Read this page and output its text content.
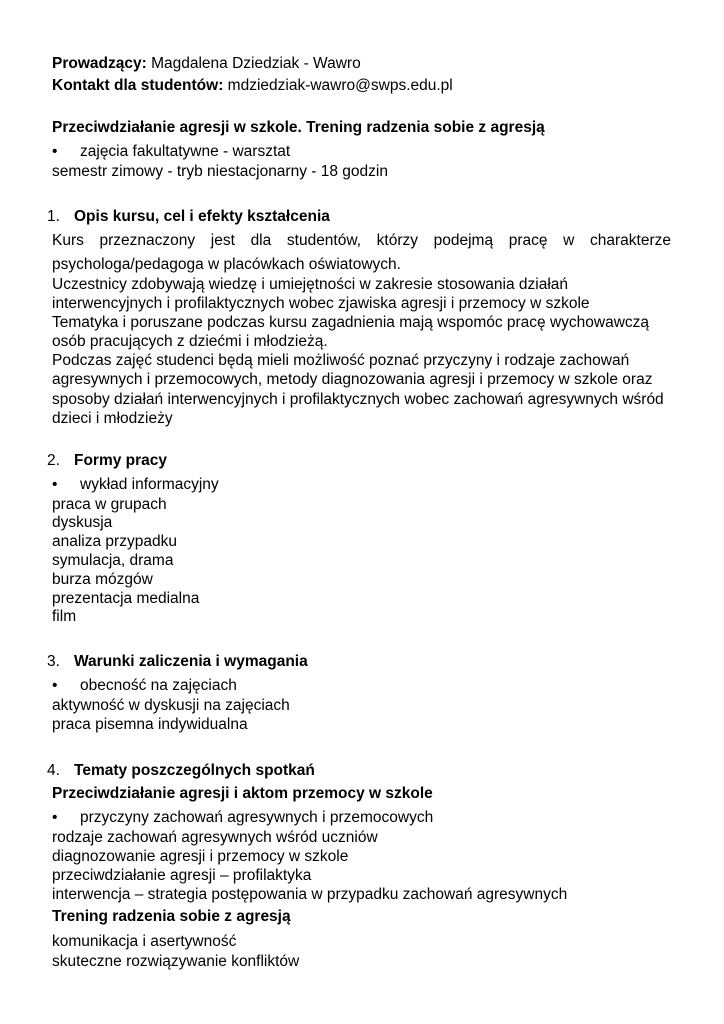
Prowadzący: Magdalena Dziedziak - Wawro
Kontakt dla studentów: mdziedziak-wawro@swps.edu.pl
Przeciwdziałanie agresji w szkole. Trening radzenia sobie z agresją
• zajęcia fakultatywne - warsztat
semestr zimowy - tryb niestacjonarny - 18 godzin
1. Opis kursu, cel i efekty kształcenia
Kurs przeznaczony jest dla studentów, którzy podejmą pracę w charakterze
psychologa/pedagoga w placówkach oświatowych.
Uczestnicy zdobywają wiedzę i umiejętności w zakresie stosowania działań
interwencyjnych i profilaktycznych wobec zjawiska agresji i przemocy w szkole
Tematyka i poruszane podczas kursu zagadnienia mają wspomóc pracę wychowawczą
osób pracujących z dziećmi i młodzieżą.
Podczas zajęć studenci będą mieli możliwość poznać przyczyny i rodzaje zachowań
agresywnych i przemocowych, metody diagnozowania agresji i przemocy w szkole oraz
sposoby działań interwencyjnych i profilaktycznych wobec zachowań agresywnych wśród
dzieci i młodzieży
2. Formy pracy
• wykład informacyjny
praca w grupach
dyskusja
analiza przypadku
symulacja, drama
burza mózgów
prezentacja medialna
film
3. Warunki zaliczenia i wymagania
• obecność na zajęciach
aktywność w dyskusji na zajęciach
praca pisemna indywidualna
4. Tematy poszczególnych spotkań
Przeciwdziałanie agresji i aktom przemocy w szkole
• przyczyny zachowań agresywnych i przemocowych
rodzaje zachowań agresywnych wśród uczniów
diagnozowanie agresji i przemocy w szkole
przeciwdziałanie agresji – profilaktyka
interwencja – strategia postępowania w przypadku zachowań agresywnych
Trening radzenia sobie z agresją
komunikacja i asertywność
skuteczne rozwiązywanie konfliktów
